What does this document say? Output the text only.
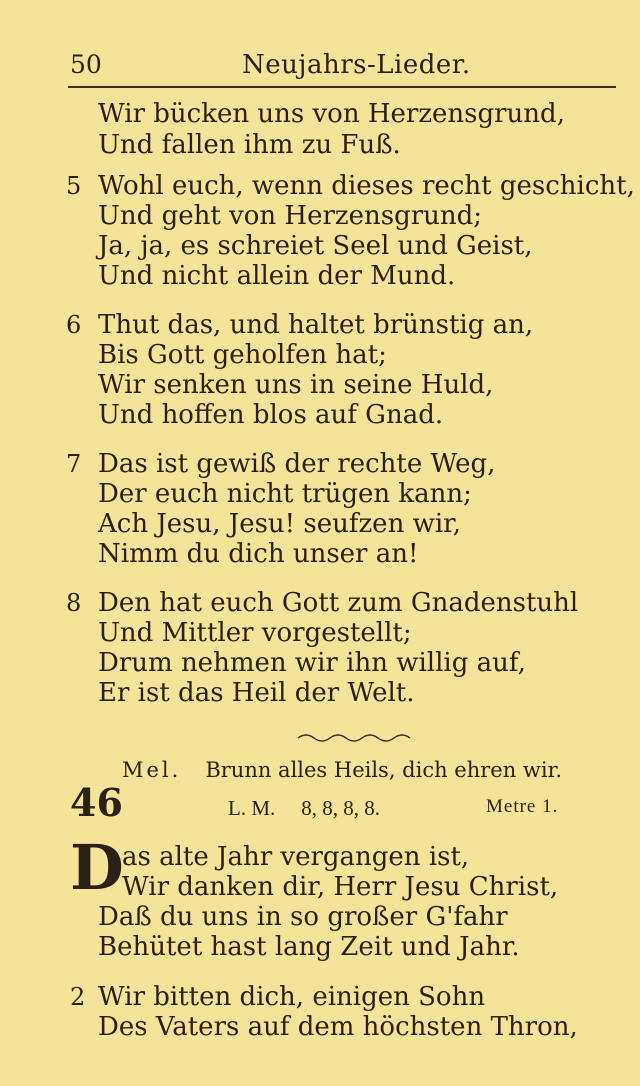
50	Neujahrs-Lieder.
Wir bücken uns von Herzensgrund,
Und fallen ihm zu Fuß.
5 Wohl euch, wenn dieses recht geschicht,
Und geht von Herzensgrund;
Ja, ja, es schreiet Seel und Geist,
Und nicht allein der Mund.
6 Thut das, und haltet brünstig an,
Bis Gott geholfen hat;
Wir senken uns in seine Huld,
Und hoffen blos auf Gnad.
7 Das ist gewiß der rechte Weg,
Der euch nicht trügen kann;
Ach Jesu, Jesu! seufzen wir,
Nimm du dich unser an!
8 Den hat euch Gott zum Gnadenstuhl
Und Mittler vorgestellt;
Drum nehmen wir ihn willig auf,
Er ist das Heil der Welt.
Mel. Brunn alles Heils, dich ehren wir.
46	L. M. 8, 8, 8, 8.	Metre 1.
D
as alte Jahr vergangen ist,
Wir danken dir, Herr Jesu Christ,
Daß du uns in so großer G'fahr
Behütet hast lang Zeit und Jahr.
2 Wir bitten dich, einigen Sohn
Des Vaters auf dem höchsten Thron,
